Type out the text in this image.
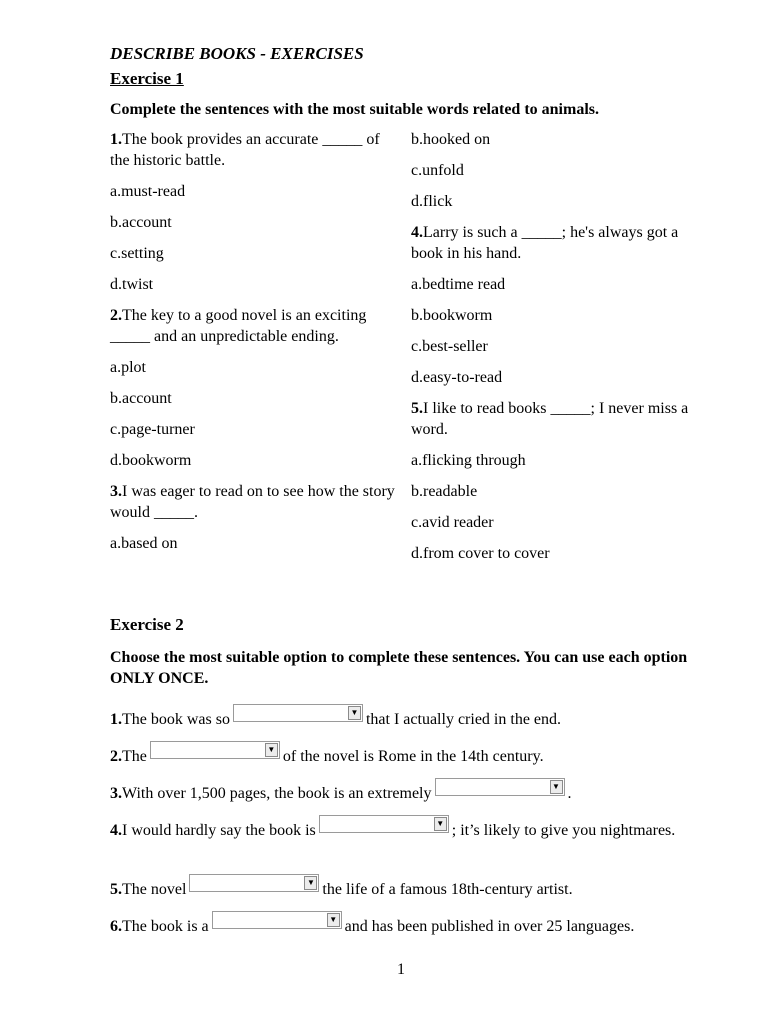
DESCRIBE BOOKS - EXERCISES
Exercise 1
Complete the sentences with the most suitable words related to animals.
1.The book provides an accurate _____ of the historic battle.
a.must-read
b.account
c.setting
d.twist
2.The key to a good novel is an exciting _____ and an unpredictable ending.
a.plot
b.account
c.page-turner
d.bookworm
3.I was eager to read on to see how the story would _____.
a.based on
b.hooked on
c.unfold
d.flick
4.Larry is such a _____; he's always got a book in his hand.
a.bedtime read
b.bookworm
c.best-seller
d.easy-to-read
5.I like to read books _____; I never miss a word.
a.flicking through
b.readable
c.avid reader
d.from cover to cover
Exercise 2
Choose the most suitable option to complete these sentences. You can use each option ONLY ONCE.
1.The book was so	▼ that I actually cried in the end.
2.The	▼ of the novel is Rome in the 14th century.
3.With over 1,500 pages, the book is an extremely	▼ .
4.I would hardly say the book is	▼ ; it’s likely to give you nightmares.
5.The novel	▼ the life of a famous 18th-century artist.
6.The book is a	▼ and has been published in over 25 languages.
1
